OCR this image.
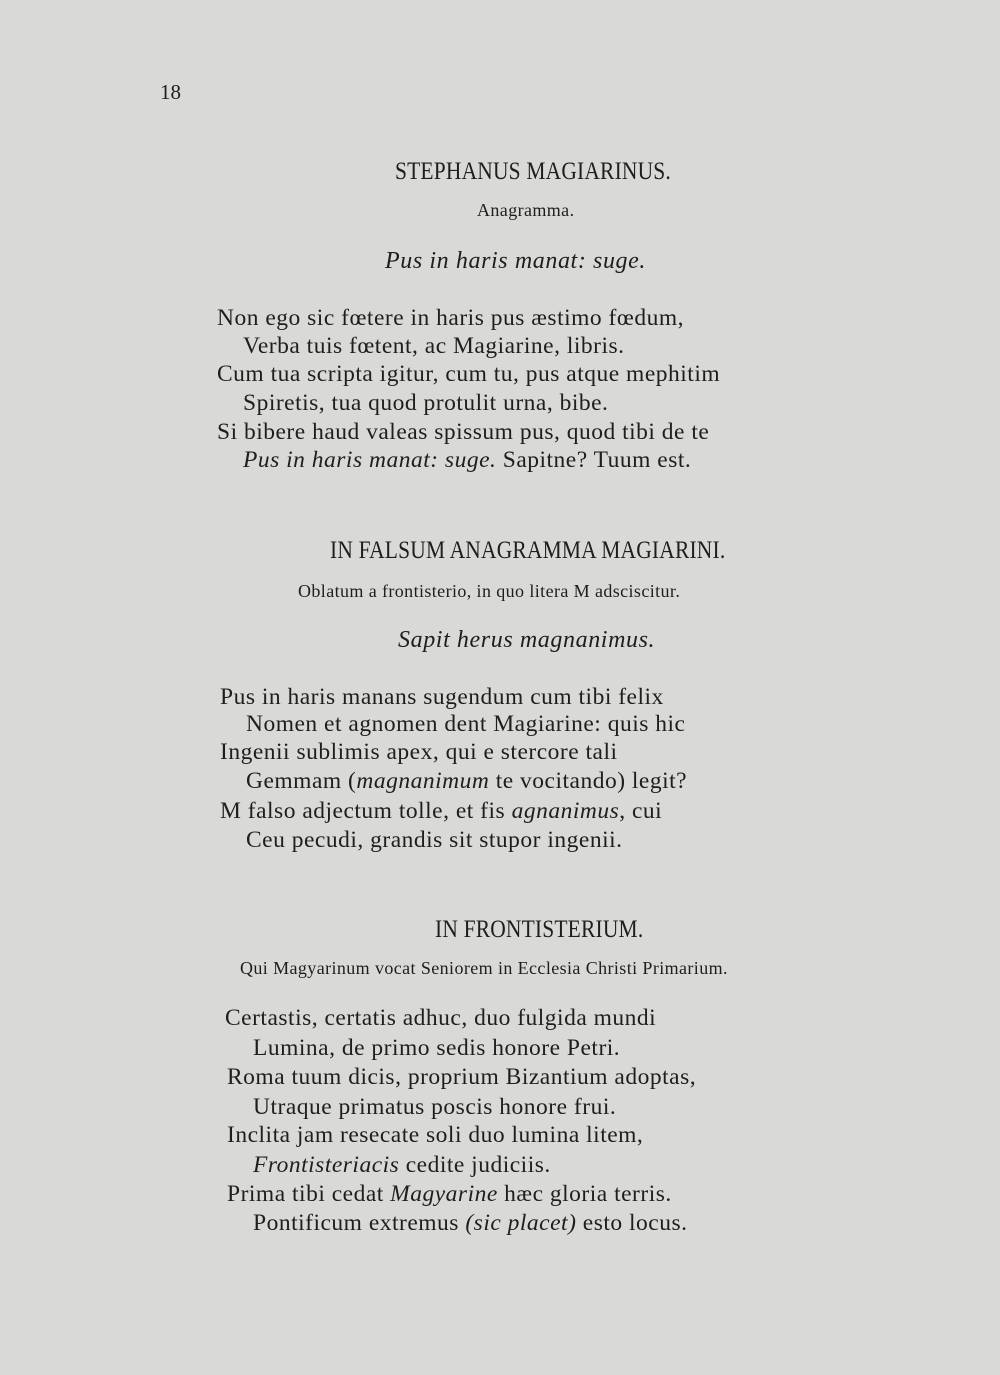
18
STEPHANUS MAGIARINUS.
Anagramma.
Pus in haris manat: suge.
Non ego sic fœtere in haris pus æstimo fœdum,
Verba tuis fœtent, ac Magiarine, libris.
Cum tua scripta igitur, cum tu, pus atque mephitim
Spiretis, tua quod protulit urna, bibe.
Si bibere haud valeas spissum pus, quod tibi de te
Pus in haris manat: suge. Sapitne? Tuum est.
IN FALSUM ANAGRAMMA MAGIARINI.
Oblatum a frontisterio, in quo litera M adsciscitur.
Sapit herus magnanimus.
Pus in haris manans sugendum cum tibi felix
Nomen et agnomen dent Magiarine: quis hic
Ingenii sublimis apex, qui e stercore tali
Gemmam (magnanimum te vocitando) legit?
M falso adjectum tolle, et fis agnanimus, cui
Ceu pecudi, grandis sit stupor ingenii.
IN FRONTISTERIUM.
Qui Magyarinum vocat Seniorem in Ecclesia Christi Primarium.
Certastis, certatis adhuc, duo fulgida mundi
Lumina, de primo sedis honore Petri.
Roma tuum dicis, proprium Bizantium adoptas,
Utraque primatus poscis honore frui.
Inclita jam resecate soli duo lumina litem,
Frontisteriacis cedite judiciis.
Prima tibi cedat Magyarine hæc gloria terris.
Pontificum extremus (sic placet) esto locus.
